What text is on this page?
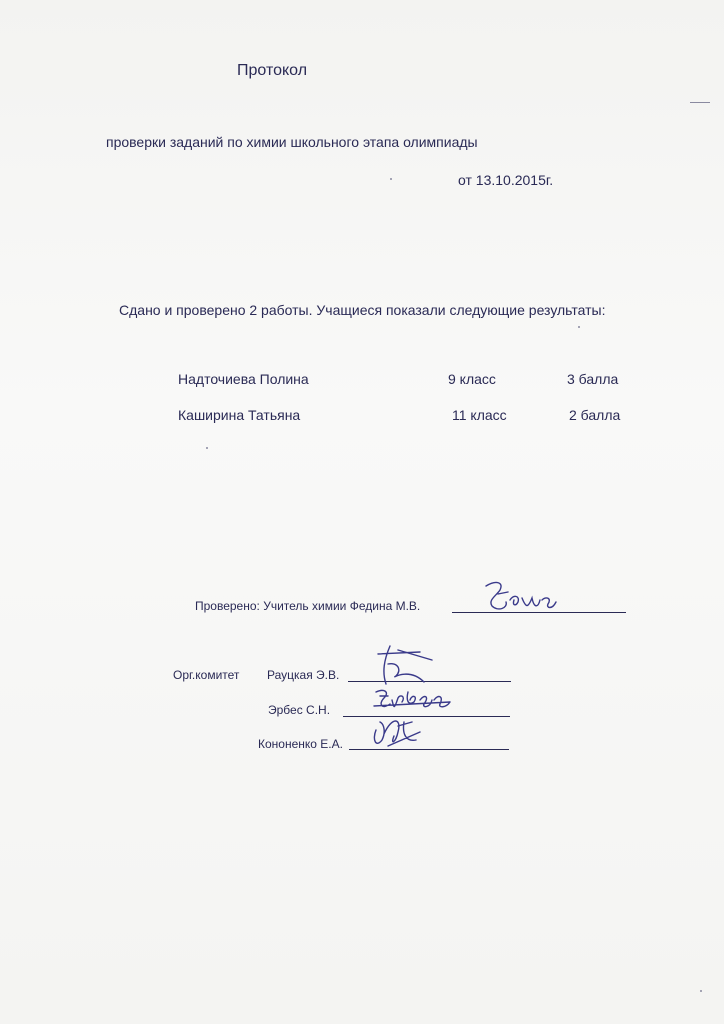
Протокол
проверки заданий по химии школьного этапа олимпиады
от 13.10.2015г.
Сдано и проверено 2 работы. Учащиеся показали следующие результаты:
Надточиева Полина	9 класс	3 балла
Каширина Татьяна	11 класс	2 балла
Проверено: Учитель химии Федина М.В.
Орг.комитет Рауцкая Э.В.
Эрбес С.Н.
Кононенко Е.А.
